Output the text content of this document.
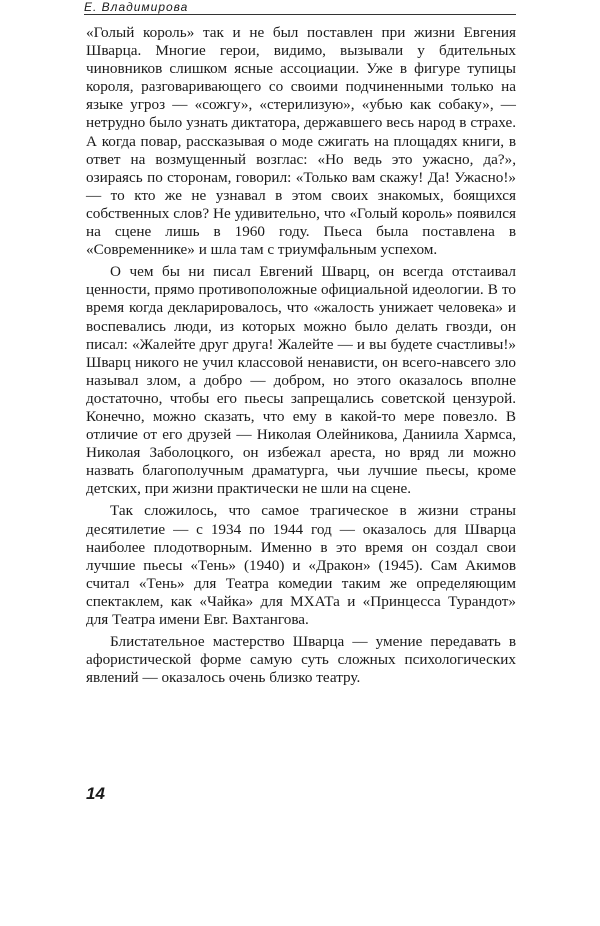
Е. Владимирова

«Голый король» так и не был поставлен при жизни Евгения Шварца. Многие герои, видимо, вызывали у бдительных чиновников слишком ясные ассоциации. Уже в фигуре тупицы короля, разговаривающего со своими подчиненными только на языке угроз — «сожгу», «стерилизую», «убью как собаку», — нетрудно было узнать диктатора, державшего весь народ в страхе. А когда повар, рассказывая о моде сжигать на площадях книги, в ответ на возмущенный возглас: «Но ведь это ужасно, да?», озираясь по сторонам, говорил: «Только вам скажу! Да! Ужасно!» — то кто же не узнавал в этом своих знакомых, боящихся собственных слов? Не удивительно, что «Голый король» появился на сцене лишь в 1960 году. Пьеса была поставлена в «Современнике» и шла там с триумфальным успехом.

О чем бы ни писал Евгений Шварц, он всегда отстаивал ценности, прямо противоположные официальной идеологии. В то время когда декларировалось, что «жалость унижает человека» и воспевались люди, из которых можно было делать гвозди, он писал: «Жалейте друг друга! Жалейте — и вы будете счастливы!» Шварц никого не учил классовой ненависти, он всего-навсего зло называл злом, а добро — добром, но этого оказалось вполне достаточно, чтобы его пьесы запрещались советской цензурой. Конечно, можно сказать, что ему в какой-то мере повезло. В отличие от его друзей — Николая Олейникова, Даниила Хармса, Николая Заболоцкого, он избежал ареста, но вряд ли можно назвать благополучным драматурга, чьи лучшие пьесы, кроме детских, при жизни практически не шли на сцене.

Так сложилось, что самое трагическое в жизни страны десятилетие — с 1934 по 1944 год — оказалось для Шварца наиболее плодотворным. Именно в это время он создал свои лучшие пьесы «Тень» (1940) и «Дракон» (1945). Сам Акимов считал «Тень» для Театра комедии таким же определяющим спектаклем, как «Чайка» для МХАТа и «Принцесса Турандот» для Театра имени Евг. Вахтангова.

Блистательное мастерство Шварца — умение передавать в афористической форме самую суть сложных психологических явлений — оказалось очень близко театру.

14
